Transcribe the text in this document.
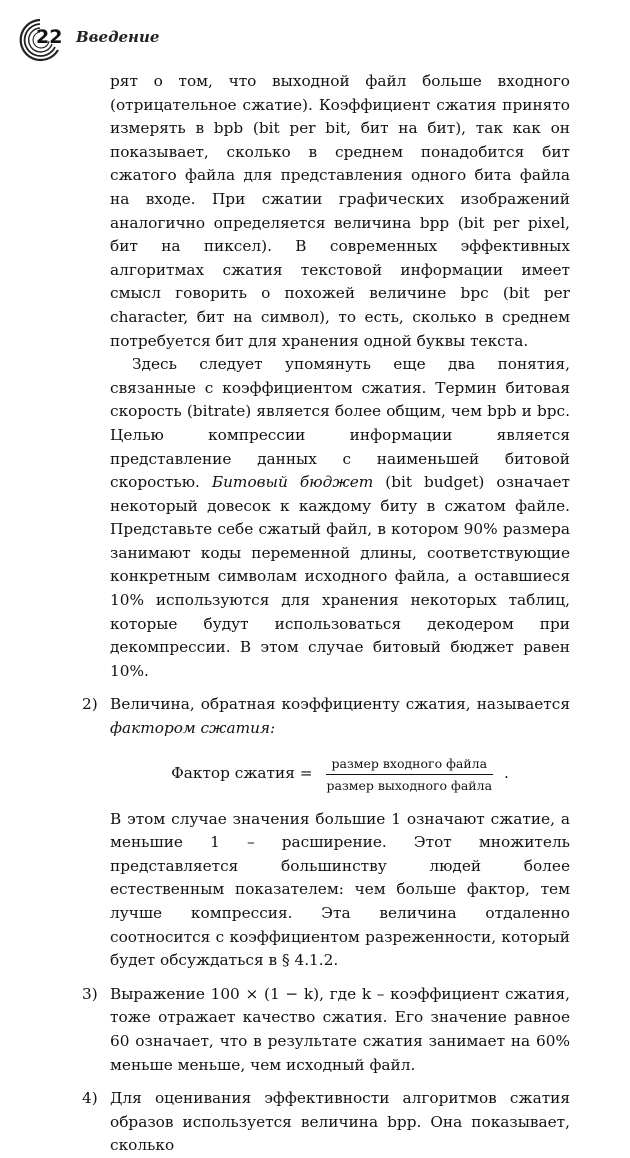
22 Введение

рят о том, что выходной файл больше входного (отрицательное сжатие). Коэффициент сжатия принято измерять в bpb (bit per bit, бит на бит), так как он показывает, сколько в среднем понадобится бит сжатого файла для представления одного бита файла на входе. При сжатии графических изображений аналогично определяется величина bpp (bit per pixel, бит на пиксел). В современных эффективных алгоритмах сжатия текстовой информации имеет смысл говорить о похожей величине bpc (bit per character, бит на символ), то есть, сколько в среднем потребуется бит для хранения одной буквы текста.

Здесь следует упомянуть еще два понятия, связанные с коэффициентом сжатия. Термин битовая скорость (bitrate) является более общим, чем bpb и bpc. Целью компрессии информации является представление данных с наименьшей битовой скоростью. Битовый бюджет (bit budget) означает некоторый довесок к каждому биту в сжатом файле. Представьте себе сжатый файл, в котором 90% размера занимают коды переменной длины, соответствующие конкретным символам исходного файла, а оставшиеся 10% используются для хранения некоторых таблиц, которые будут использоваться декодером при декомпрессии. В этом случае битовый бюджет равен 10%.

2) Величина, обратная коэффициенту сжатия, называется фактором сжатия:

Фактор сжатия = $\frac{\text{размер входного файла}}{\text{размер выходного файла}}$ .

В этом случае значения большие 1 означают сжатие, а меньшие 1 – расширение. Этот множитель представляется большинству людей более естественным показателем: чем больше фактор, тем лучше компрессия. Эта величина отдаленно соотносится с коэффициентом разреженности, который будет обсуждаться в § 4.1.2.

3) Выражение 100 × (1 − k), где k – коэффициент сжатия, тоже отражает качество сжатия. Его значение равное 60 означает, что в результате сжатия занимает на 60% меньше меньше, чем исходный файл.

4) Для оценивания эффективности алгоритмов сжатия образов используется величина bpp. Она показывает, сколько
